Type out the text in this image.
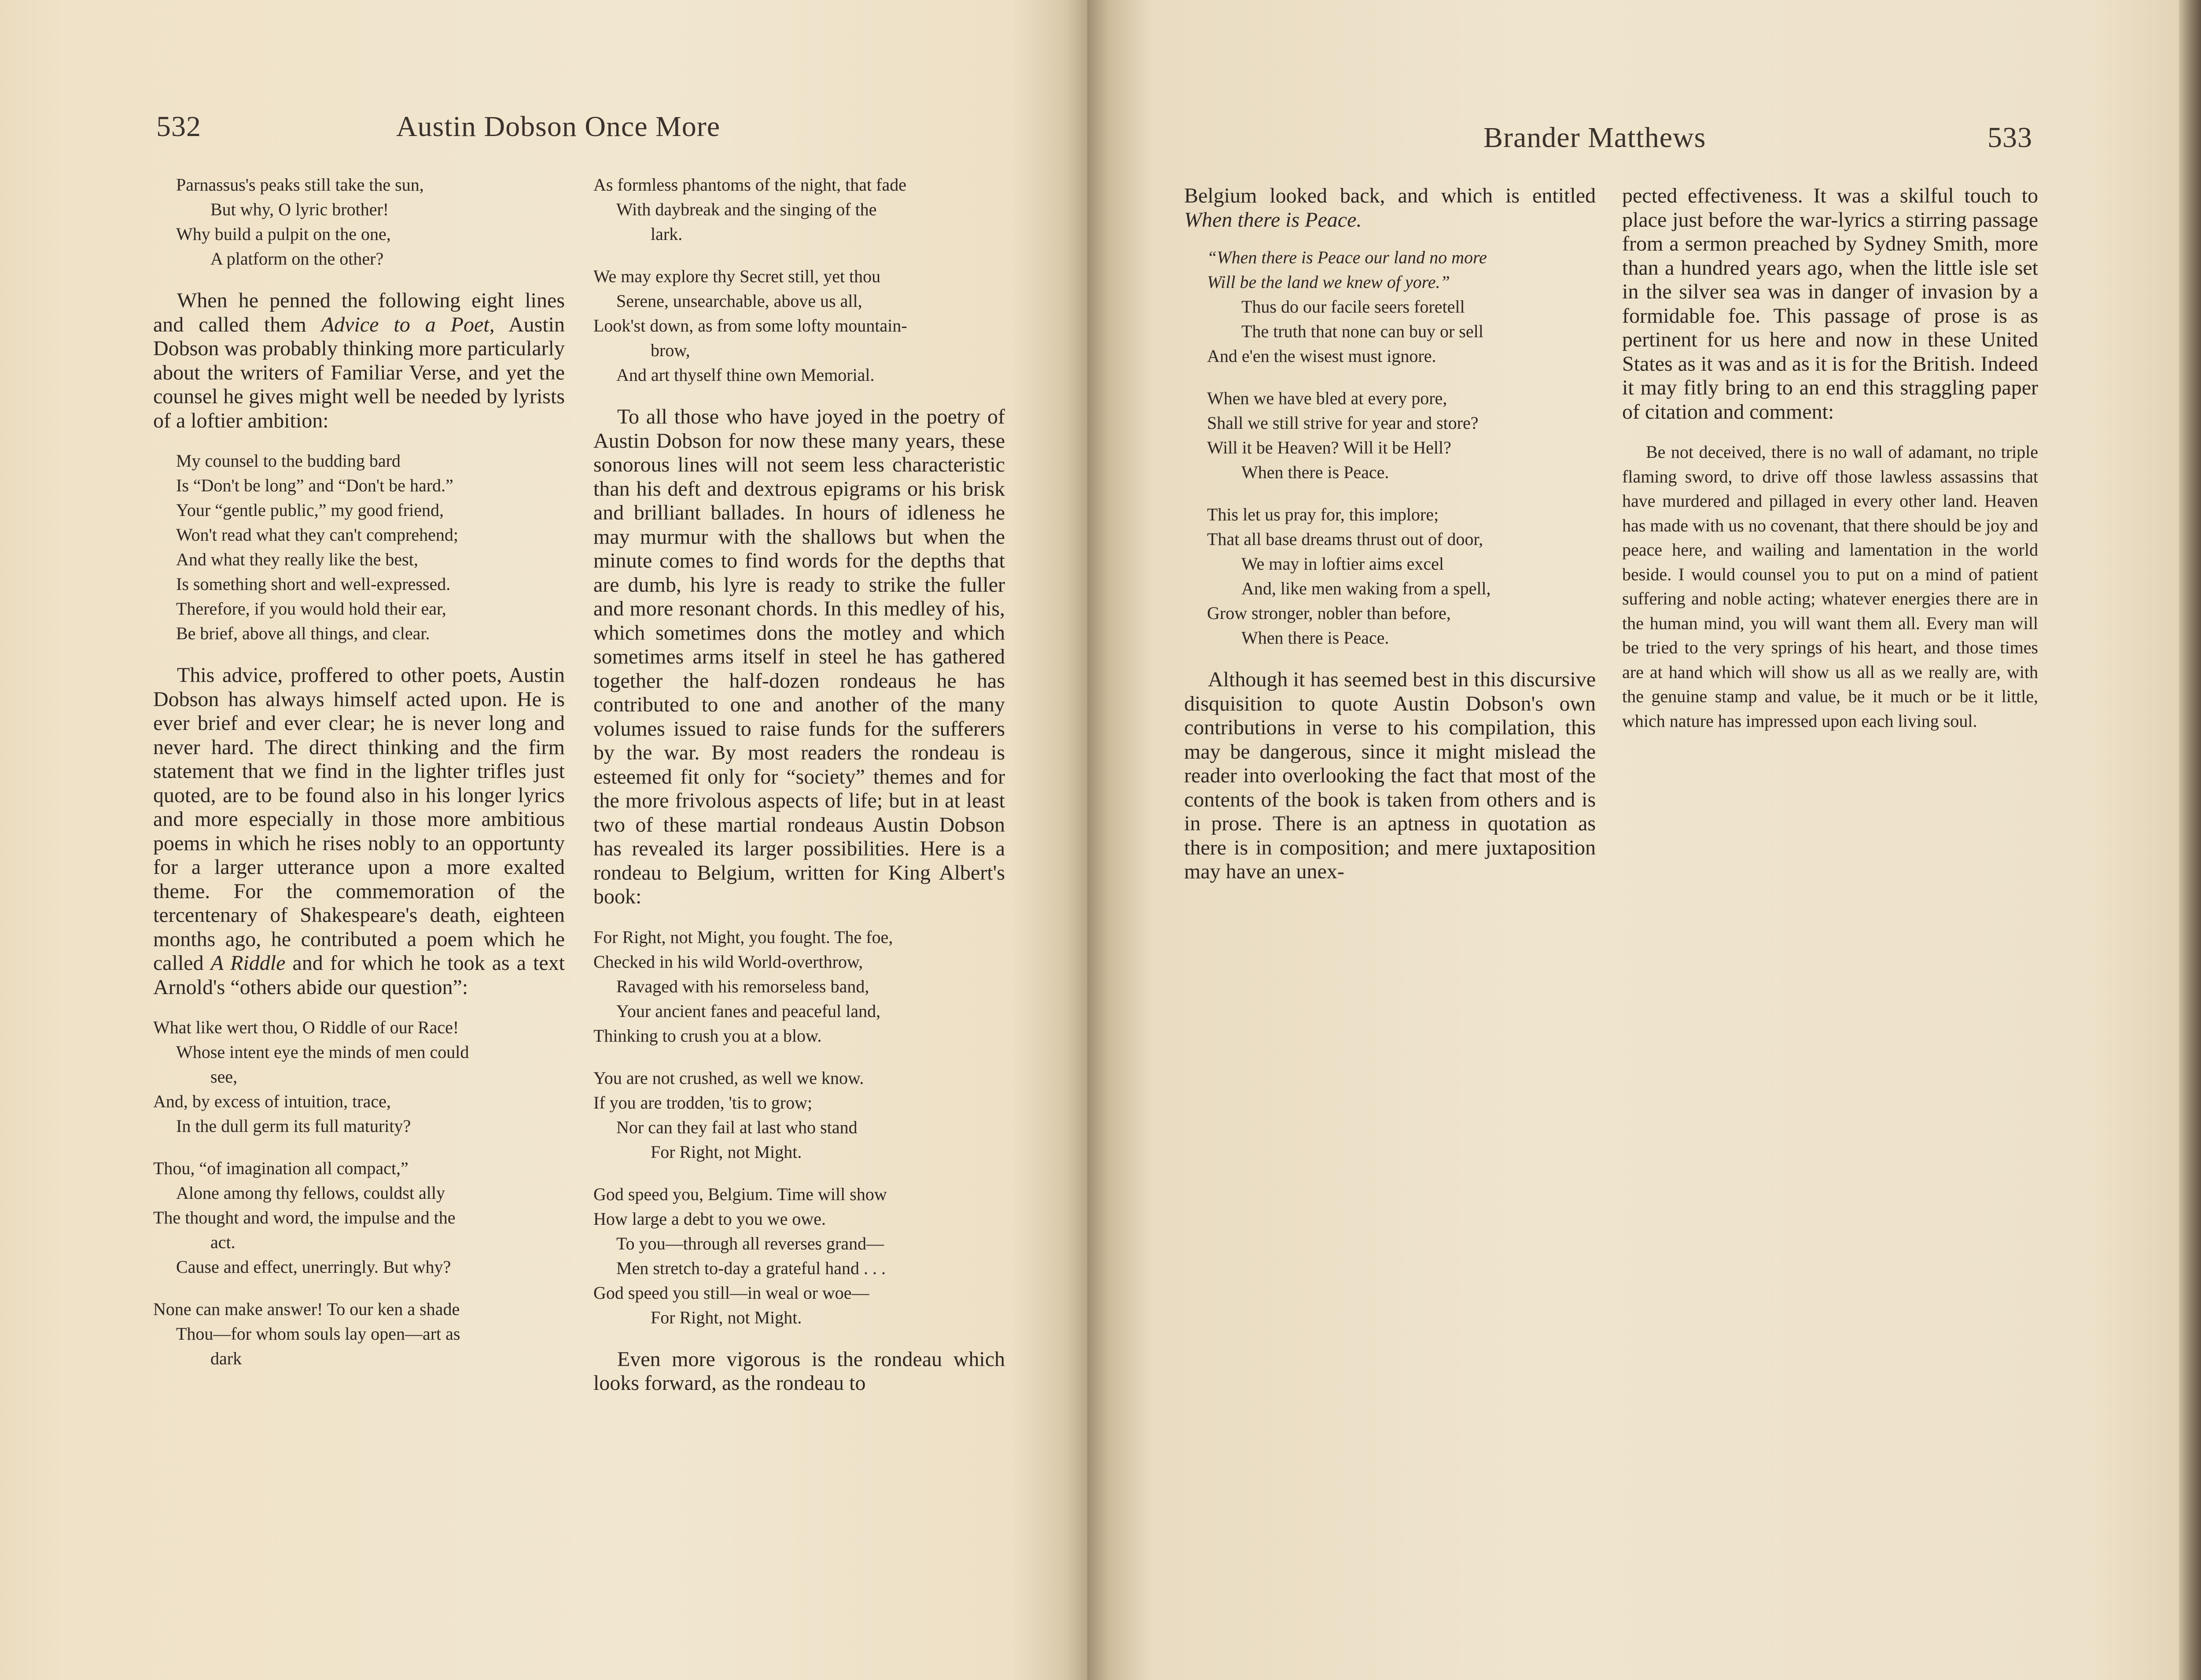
532	Austin Dobson Once More
Parnassus's peaks still take the sun,
But why, O lyric brother!
Why build a pulpit on the one,
A platform on the other?

When he penned the following eight lines and called them Advice to a Poet, Austin Dobson was probably thinking more particularly about the writers of Familiar Verse, and yet the counsel he gives might well be needed by lyrists of a loftier ambition:

My counsel to the budding bard
Is “Don't be long” and “Don't be hard.”
Your “gentle public,” my good friend,
Won't read what they can't comprehend;
And what they really like the best,
Is something short and well-expressed.
Therefore, if you would hold their ear,
Be brief, above all things, and clear.

This advice, proffered to other poets, Austin Dobson has always himself acted upon. He is ever brief and ever clear; he is never long and never hard. The direct thinking and the firm statement that we find in the lighter trifles just quoted, are to be found also in his longer lyrics and more especially in those more ambitious poems in which he rises nobly to an opportunty for a larger utterance upon a more exalted theme. For the commemoration of the tercentenary of Shakespeare's death, eighteen months ago, he contributed a poem which he called A Riddle and for which he took as a text Arnold's “others abide our question”:

What like wert thou, O Riddle of our Race!
Whose intent eye the minds of men could
see,
And, by excess of intuition, trace,
In the dull germ its full maturity?
Thou, “of imagination all compact,”
Alone among thy fellows, couldst ally
The thought and word, the impulse and the
act.
Cause and effect, unerringly. But why?
None can make answer! To our ken a shade
Thou—for whom souls lay open—art as
dark
As formless phantoms of the night, that fade
With daybreak and the singing of the
lark.
We may explore thy Secret still, yet thou
Serene, unsearchable, above us all,
Look'st down, as from some lofty mountain-
brow,
And art thyself thine own Memorial.

To all those who have joyed in the poetry of Austin Dobson for now these many years, these sonorous lines will not seem less characteristic than his deft and dextrous epigrams or his brisk and brilliant ballades. In hours of idleness he may murmur with the shallows but when the minute comes to find words for the depths that are dumb, his lyre is ready to strike the fuller and more resonant chords. In this medley of his, which sometimes dons the motley and which sometimes arms itself in steel he has gathered together the half-dozen rondeaus he has contributed to one and another of the many volumes issued to raise funds for the sufferers by the war. By most readers the rondeau is esteemed fit only for “society” themes and for the more frivolous aspects of life; but in at least two of these martial rondeaus Austin Dobson has revealed its larger possibilities. Here is a rondeau to Belgium, written for King Albert's book:

For Right, not Might, you fought. The foe,
Checked in his wild World-overthrow,
Ravaged with his remorseless band,
Your ancient fanes and peaceful land,
Thinking to crush you at a blow.
You are not crushed, as well we know.
If you are trodden, 'tis to grow;
Nor can they fail at last who stand
For Right, not Might.
God speed you, Belgium. Time will show
How large a debt to you we owe.
To you—through all reverses grand—
Men stretch to-day a grateful hand . . .
God speed you still—in weal or woe—
For Right, not Might.

Even more vigorous is the rondeau which looks forward, as the rondeau to

Brander Matthews	533

Belgium looked back, and which is entitled When there is Peace.

“When there is Peace our land no more
Will be the land we knew of yore.”
Thus do our facile seers foretell
The truth that none can buy or sell
And e'en the wisest must ignore.
When we have bled at every pore,
Shall we still strive for year and store?
Will it be Heaven? Will it be Hell?
When there is Peace.
This let us pray for, this implore;
That all base dreams thrust out of door,
We may in loftier aims excel
And, like men waking from a spell,
Grow stronger, nobler than before,
When there is Peace.

Although it has seemed best in this discursive disquisition to quote Austin Dobson's own contributions in verse to his compilation, this may be dangerous, since it might mislead the reader into overlooking the fact that most of the contents of the book is taken from others and is in prose. There is an aptness in quotation as there is in composition; and mere juxtaposition may have an unex-

pected effectiveness. It was a skilful touch to place just before the war-lyrics a stirring passage from a sermon preached by Sydney Smith, more than a hundred years ago, when the little isle set in the silver sea was in danger of invasion by a formidable foe. This passage of prose is as pertinent for us here and now in these United States as it was and as it is for the British. Indeed it may fitly bring to an end this straggling paper of citation and comment:

Be not deceived, there is no wall of adamant, no triple flaming sword, to drive off those lawless assassins that have murdered and pillaged in every other land. Heaven has made with us no covenant, that there should be joy and peace here, and wailing and lamentation in the world beside. I would counsel you to put on a mind of patient suffering and noble acting; whatever energies there are in the human mind, you will want them all. Every man will be tried to the very springs of his heart, and those times are at hand which will show us all as we really are, with the genuine stamp and value, be it much or be it little, which nature has impressed upon each living soul.
